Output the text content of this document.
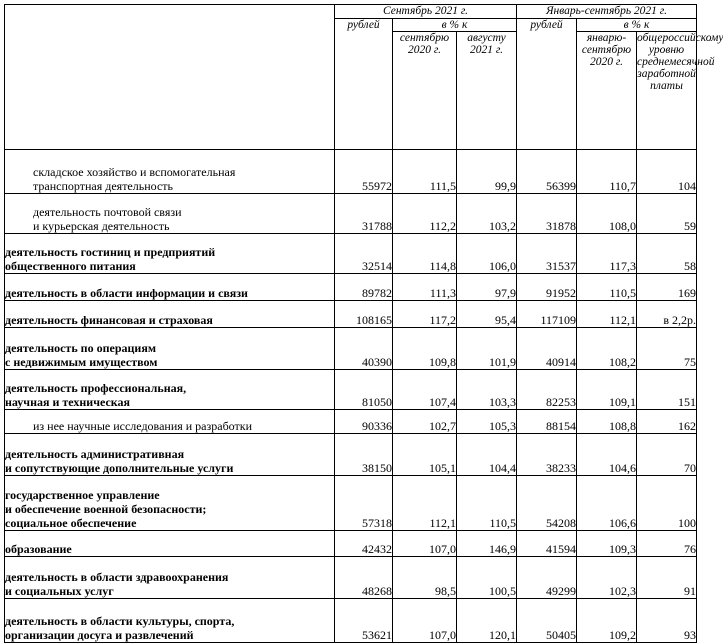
	Сентябрь 2021 г.			Январь-сентябрь 2021 г.		
	рублей	в % к		рублей	в % к	
		сентябрю 2020 г.	августу 2021 г.		январю-сентябрю 2020 г.	общероссийскому уровню среднемесячной заработной платы
складское хозяйство и вспомогательная
транспортная деятельность	55972	111,5	99,9	56399	110,7	104
деятельность почтовой связи
и курьерская деятельность	31788	112,2	103,2	31878	108,0	59
деятельность гостиниц и предприятий
общественного питания	32514	114,8	106,0	31537	117,3	58
деятельность в области информации и связи	89782	111,3	97,9	91952	110,5	169
деятельность финансовая и страховая	108165	117,2	95,4	117109	112,1	в 2,2р.
деятельность по операциям
с недвижимым имуществом	40390	109,8	101,9	40914	108,2	75
деятельность профессиональная,
научная и техническая	81050	107,4	103,3	82253	109,1	151
из нее научные исследования и разработки	90336	102,7	105,3	88154	108,8	162
деятельность административная
и сопутствующие дополнительные услуги	38150	105,1	104,4	38233	104,6	70
государственное управление
и обеспечение военной безопасности;
социальное обеспечение	57318	112,1	110,5	54208	106,6	100
образование	42432	107,0	146,9	41594	109,3	76
деятельность в области здравоохранения
и социальных услуг	48268	98,5	100,5	49299	102,3	91
деятельность в области культуры, спорта,
организации досуга и развлечений	53621	107,0	120,1	50405	109,2	93
